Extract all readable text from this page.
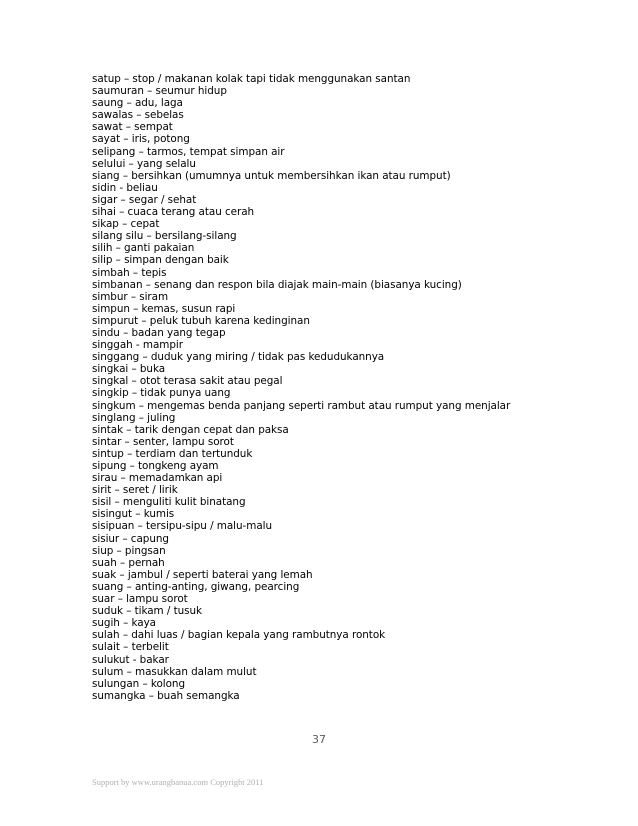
satup – stop / makanan kolak tapi tidak menggunakan santan
saumuran – seumur hidup
saung – adu, laga
sawalas – sebelas
sawat – sempat
sayat – iris, potong
selipang – tarmos, tempat simpan air
selului – yang selalu
siang – bersihkan (umumnya untuk membersihkan ikan atau rumput)
sidin - beliau
sigar – segar / sehat
sihai – cuaca terang atau cerah
sikap – cepat
silang silu – bersilang-silang
silih – ganti pakaian
silip – simpan dengan baik
simbah – tepis
simbanan – senang dan respon bila diajak main-main (biasanya kucing)
simbur – siram
simpun – kemas, susun rapi
simpurut – peluk tubuh karena kedinginan
sindu – badan yang tegap
singgah - mampir
singgang – duduk yang miring / tidak pas kedudukannya
singkai – buka
singkal – otot terasa sakit atau pegal
singkip – tidak punya uang
singkum – mengemas benda panjang seperti rambut atau rumput yang menjalar
singlang – juling
sintak – tarik dengan cepat dan paksa
sintar – senter, lampu sorot
sintup – terdiam dan tertunduk
sipung – tongkeng ayam
sirau – memadamkan api
sirit – seret / lirik
sisil – menguliti kulit binatang
sisingut – kumis
sisipuan – tersipu-sipu / malu-malu
sisiur – capung
siup – pingsan
suah – pernah
suak – jambul / seperti baterai yang lemah
suang – anting-anting, giwang, pearcing
suar – lampu sorot
suduk – tikam / tusuk
sugih – kaya
sulah – dahi luas / bagian kepala yang rambutnya rontok
sulait – terbelit
sulukut - bakar
sulum – masukkan dalam mulut
sulungan – kolong
sumangka – buah semangka
37
Support by www.urangbanua.com Copyright 2011
